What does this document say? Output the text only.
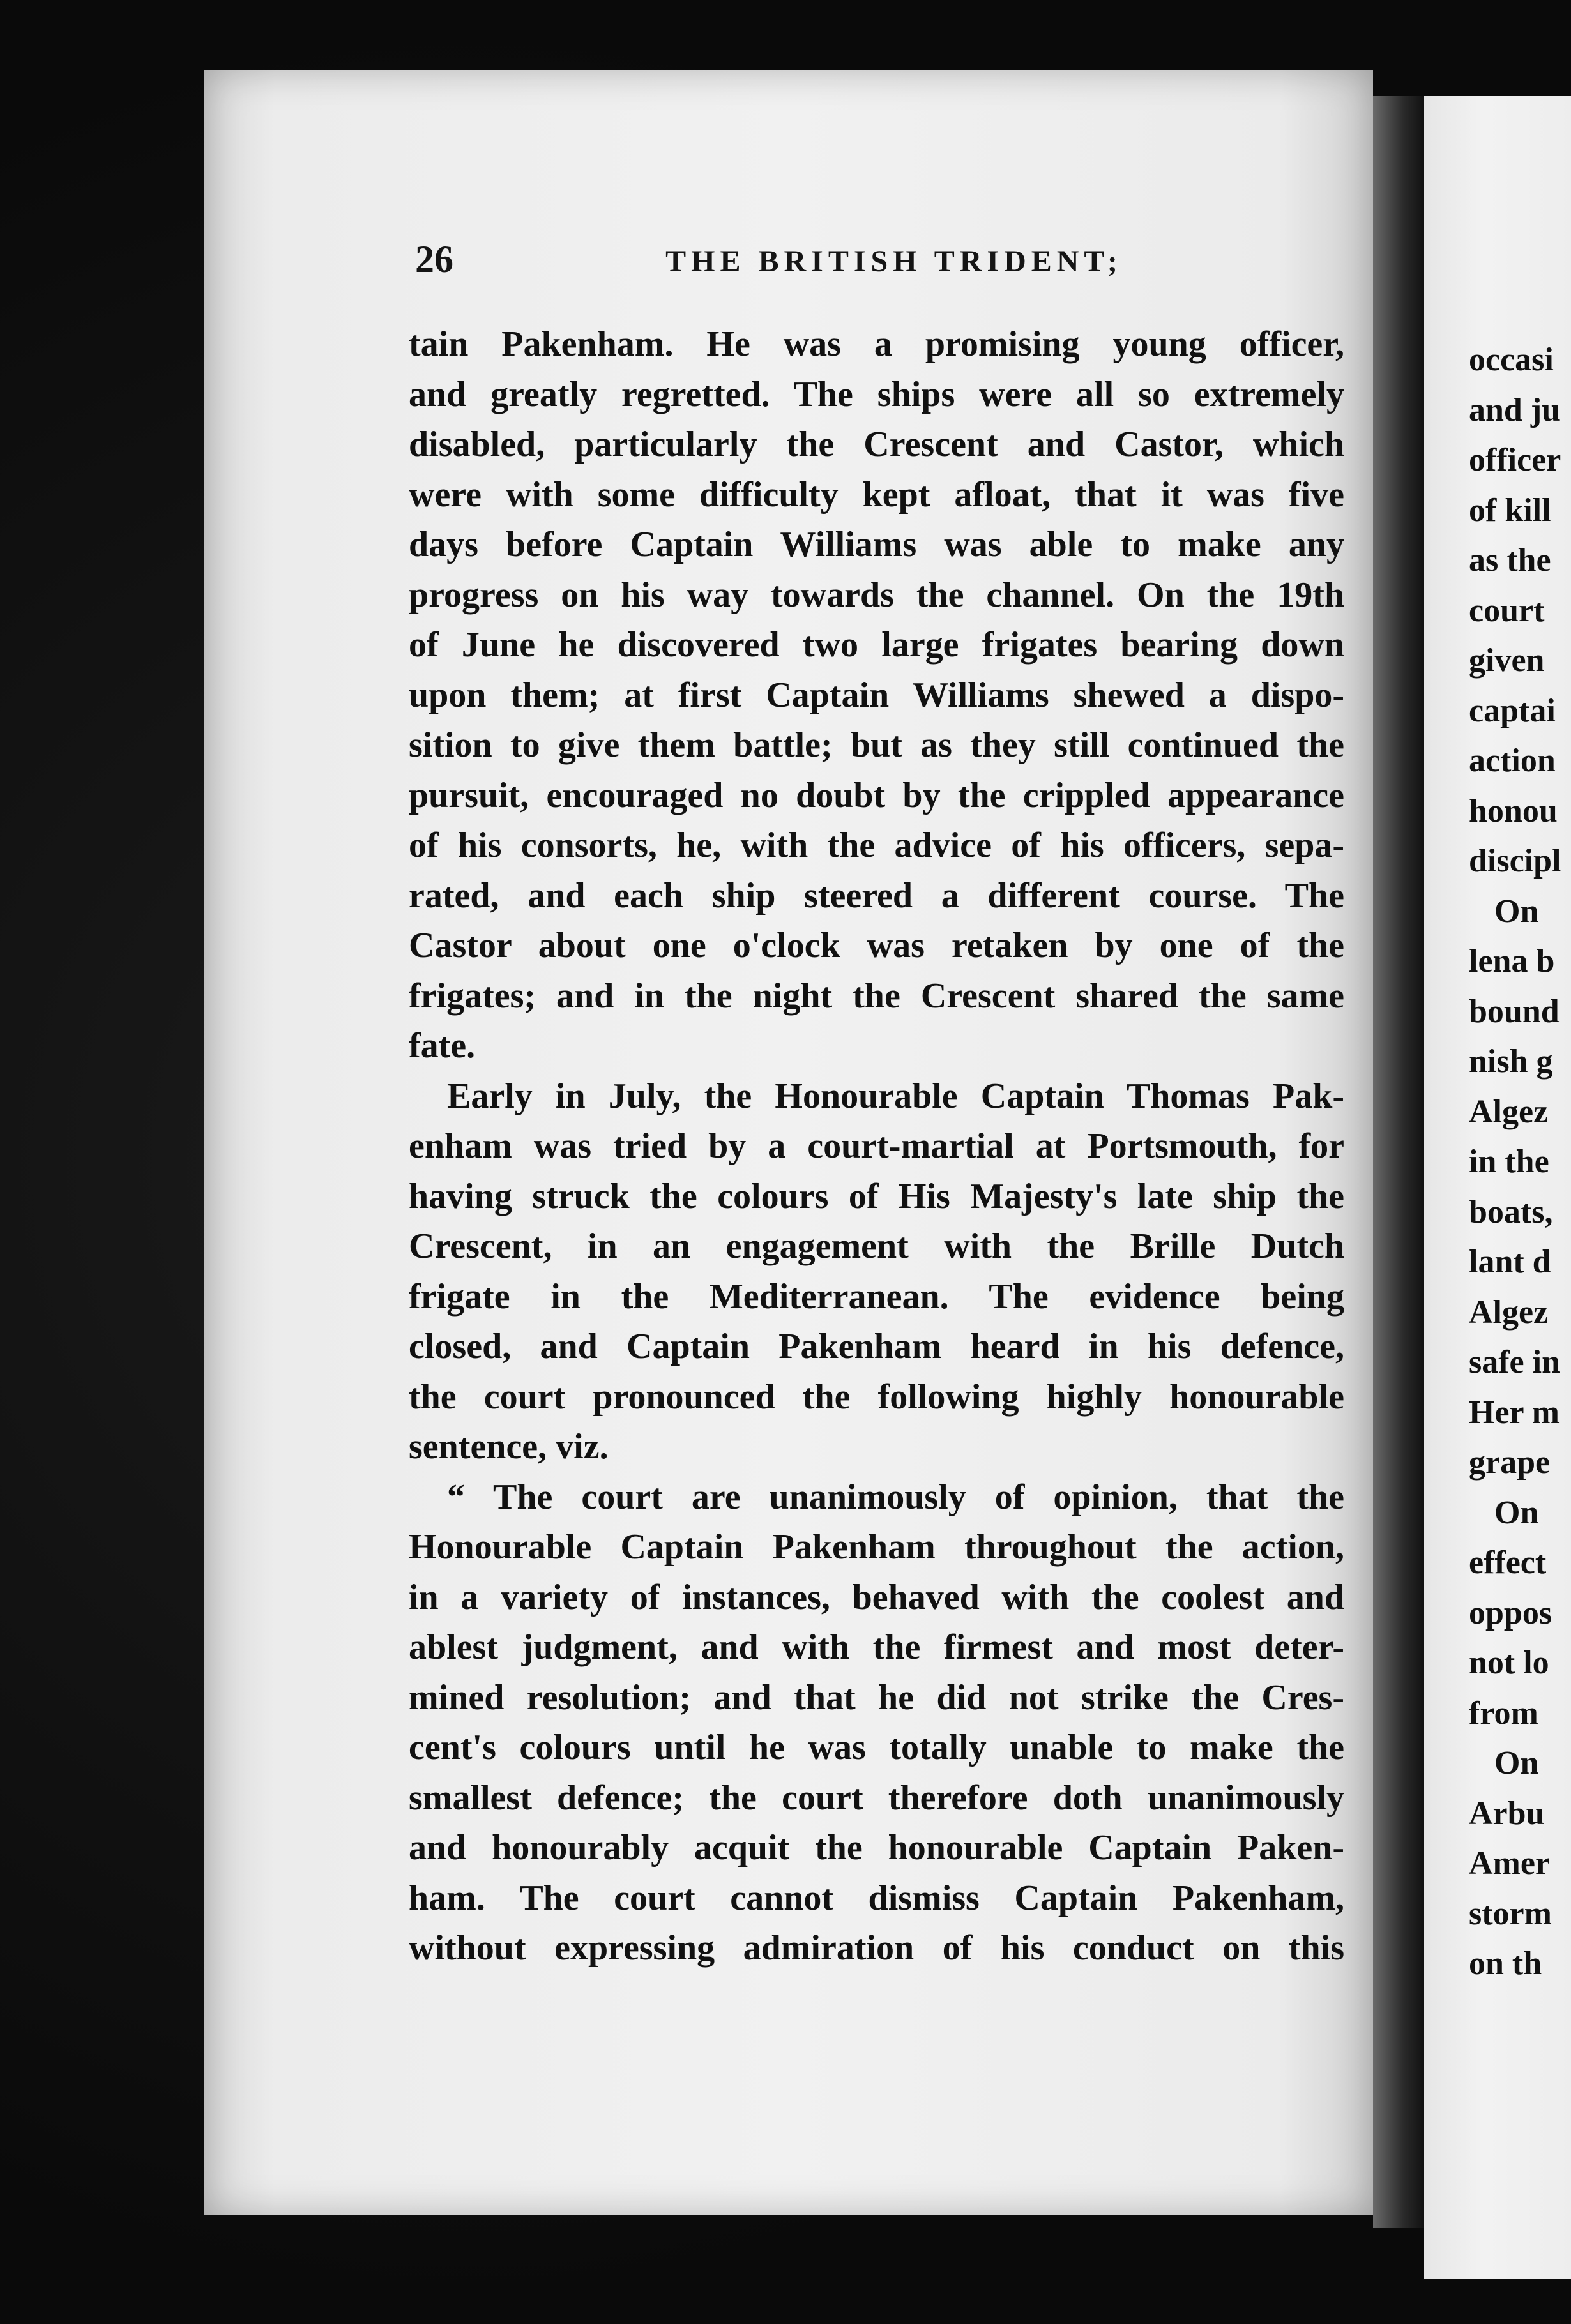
26	THE BRITISH TRIDENT;
tain Pakenham. He was a promising young officer,
and greatly regretted. The ships were all so extremely
disabled, particularly the Crescent and Castor, which
were with some difficulty kept afloat, that it was five
days before Captain Williams was able to make any
progress on his way towards the channel. On the 19th
of June he discovered two large frigates bearing down
upon them; at first Captain Williams shewed a dispo-
sition to give them battle; but as they still continued the
pursuit, encouraged no doubt by the crippled appearance
of his consorts, he, with the advice of his officers, sepa-
rated, and each ship steered a different course. The
Castor about one o'clock was retaken by one of the
frigates; and in the night the Crescent shared the same
fate.
Early in July, the Honourable Captain Thomas Pak-
enham was tried by a court-martial at Portsmouth, for
having struck the colours of His Majesty's late ship the
Crescent, in an engagement with the Brille Dutch
frigate in the Mediterranean. The evidence being
closed, and Captain Pakenham heard in his defence,
the court pronounced the following highly honourable
sentence, viz.
“ The court are unanimously of opinion, that the
Honourable Captain Pakenham throughout the action,
in a variety of instances, behaved with the coolest and
ablest judgment, and with the firmest and most deter-
mined resolution; and that he did not strike the Cres-
cent's colours until he was totally unable to make the
smallest defence; the court therefore doth unanimously
and honourably acquit the honourable Captain Paken-
ham. The court cannot dismiss Captain Pakenham,
without expressing admiration of his conduct on this
occasi
and ju
officer
of kill
as the
court
given
captai
action
honou
discipl
On
lena b
bound
nish g
Algez
in the
boats,
lant d
Algez
safe in
Her m
grape
On
effect
oppos
not lo
from
On
Arbu
Amer
storm
on th
